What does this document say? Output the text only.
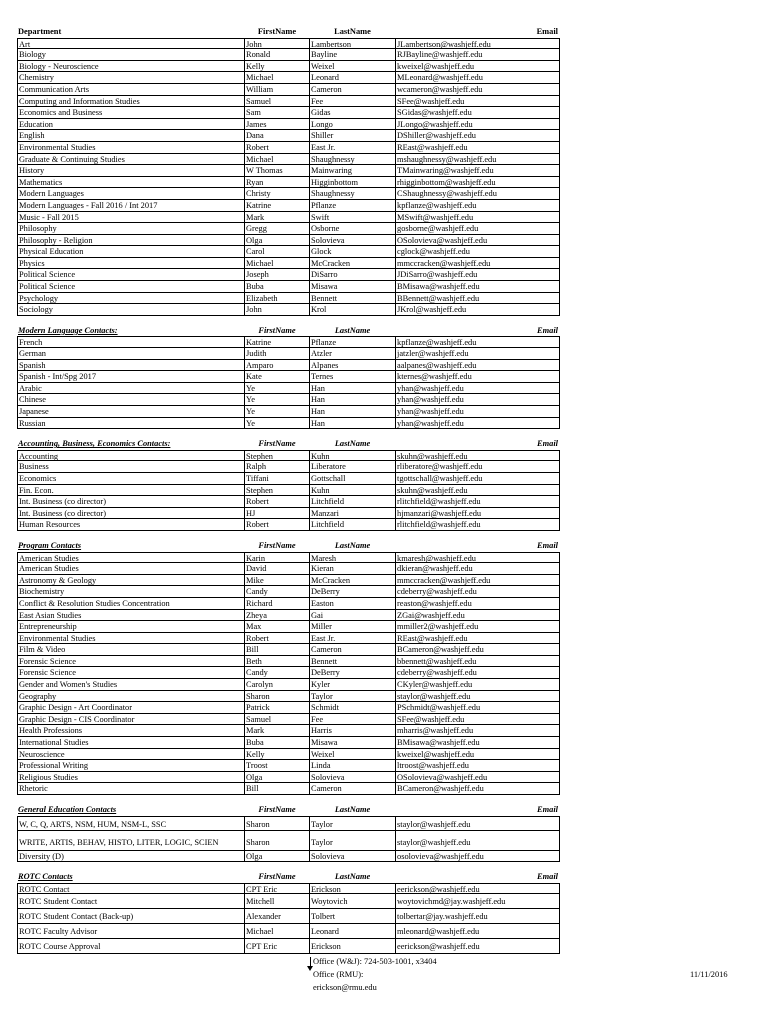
Department	FirstName	LastName	Email
Art	John	Lambertson	JLambertson@washjeff.edu
Biology	Ronald	Bayline	RJBayline@washjeff.edu
Biology - Neuroscience	Kelly	Weixel	kweixel@washjeff.edu
Chemistry	Michael	Leonard	MLeonard@washjeff.edu
Communication Arts	William	Cameron	wcameron@washjeff.edu
Computing and Information Studies	Samuel	Fee	SFee@washjeff.edu
Economics and Business	Sam	Gidas	SGidas@washjeff.edu
Education	James	Longo	JLongo@washjeff.edu
English	Dana	Shiller	DShiller@washjeff.edu
Environmental Studies	Robert	East Jr.	REast@washjeff.edu
Graduate & Continuing Studies	Michael	Shaughnessy	mshaughnessy@washjeff.edu
History	W Thomas	Mainwaring	TMainwaring@washjeff.edu
Mathematics	Ryan	Higginbottom	rhigginbottom@washjeff.edu
Modern Languages	Christy	Shaughnessy	CShaughnessy@washjeff.edu
Modern Languages - Fall 2016 / Int 2017	Katrine	Pflanze	kpflanze@washjeff.edu
Music - Fall 2015	Mark	Swift	MSwift@washjeff.edu
Philosophy	Gregg	Osborne	gosborne@washjeff.edu
Philosophy - Religion	Olga	Solovieva	OSolovieva@washjeff.edu
Physical Education	Carol	Glock	cglock@washjeff.edu
Physics	Michael	McCracken	mmccracken@washjeff.edu
Political Science	Joseph	DiSarro	JDiSarro@washjeff.edu
Political Science	Buba	Misawa	BMisawa@washjeff.edu
Psychology	Elizabeth	Bennett	BBennett@washjeff.edu
Sociology	John	Krol	JKrol@washjeff.edu
Modern Language Contacts:	FirstName	LastName	Email
French	Katrine	Pflanze	kpflanze@washjeff.edu
German	Judith	Atzler	jatzler@washjeff.edu
Spanish	Amparo	Alpanes	aalpanes@washjeff.edu
Spanish - Int/Spg 2017	Kate	Ternes	kternes@washjeff.edu
Arabic	Ye	Han	yhan@washjeff.edu
Chinese	Ye	Han	yhan@washjeff.edu
Japanese	Ye	Han	yhan@washjeff.edu
Russian	Ye	Han	yhan@washjeff.edu
Accounting, Business, Economics Contacts:	FirstName	LastName	Email
Accounting	Stephen	Kuhn	skuhn@washjeff.edu
Business	Ralph	Liberatore	rliberatore@washjeff.edu
Economics	Tiffani	Gottschall	tgottschall@washjeff.edu
Fin. Econ.	Stephen	Kuhn	skuhn@washjeff.edu
Int. Business (co director)	Robert	Litchfield	rlitchfield@washjeff.edu
Int. Business (co director)	HJ	Manzari	hjmanzari@washjeff.edu
Human Resources	Robert	Litchfield	rlitchfield@washjeff.edu
Program Contacts	FirstName	LastName	Email
American Studies	Karin	Maresh	kmaresh@washjeff.edu
American Studies	David	Kieran	dkieran@washjeff.edu
Astronomy & Geology	Mike	McCracken	mmccracken@washjeff.edu
Biochemistry	Candy	DeBerry	cdeberry@washjeff.edu
Conflict & Resolution Studies Concentration	Richard	Easton	reaston@washjeff.edu
East Asian Studies	Zheya	Gai	ZGai@washjeff.edu
Entrepreneurship	Max	Miller	mmiller2@washjeff.edu
Environmental Studies	Robert	East Jr.	REast@washjeff.edu
Film & Video	Bill	Cameron	BCameron@washjeff.edu
Forensic Science	Beth	Bennett	bbennett@washjeff.edu
Forensic Science	Candy	DeBerry	cdeberry@washjeff.edu
Gender and Women's Studies	Carolyn	Kyler	CKyler@washjeff.edu
Geography	Sharon	Taylor	staylor@washjeff.edu
Graphic Design - Art Coordinator	Patrick	Schmidt	PSchmidt@washjeff.edu
Graphic Design - CIS Coordinator	Samuel	Fee	SFee@washjeff.edu
Health Professions	Mark	Harris	mharris@washjeff.edu
International Studies	Buba	Misawa	BMisawa@washjeff.edu
Neuroscience	Kelly	Weixel	kweixel@washjeff.edu
Professional Writing	Troost	Linda	ltroost@washjeff.edu
Religious Studies	Olga	Solovieva	OSolovieva@washjeff.edu
Rhetoric	Bill	Cameron	BCameron@washjeff.edu
General Education Contacts	FirstName	LastName	Email
W, C, Q, ARTS, NSM, HUM, NSM-L, SSC	Sharon	Taylor	staylor@washjeff.edu
WRITE, ARTIS, BEHAV, HISTO, LITER, LOGIC, SCIEN	Sharon	Taylor	staylor@washjeff.edu
Diversity (D)	Olga	Solovieva	osolovieva@washjeff.edu
ROTC Contacts	FirstName	LastName	Email
ROTC Contact	CPT Eric	Erickson	eerickson@washjeff.edu
ROTC Student Contact	Mitchell	Woytovich	woytovichmd@jay.washjeff.edu
ROTC Student Contact (Back-up)	Alexander	Tolbert	tolbertar@jay.washjeff.edu
ROTC Faculty Advisor	Michael	Leonard	mleonard@washjeff.edu
ROTC Course Approval	CPT Eric	Erickson	eerickson@washjeff.edu
Office (W&J): 724-503-1001, x3404
Office (RMU):
erickson@rmu.edu
11/11/2016
